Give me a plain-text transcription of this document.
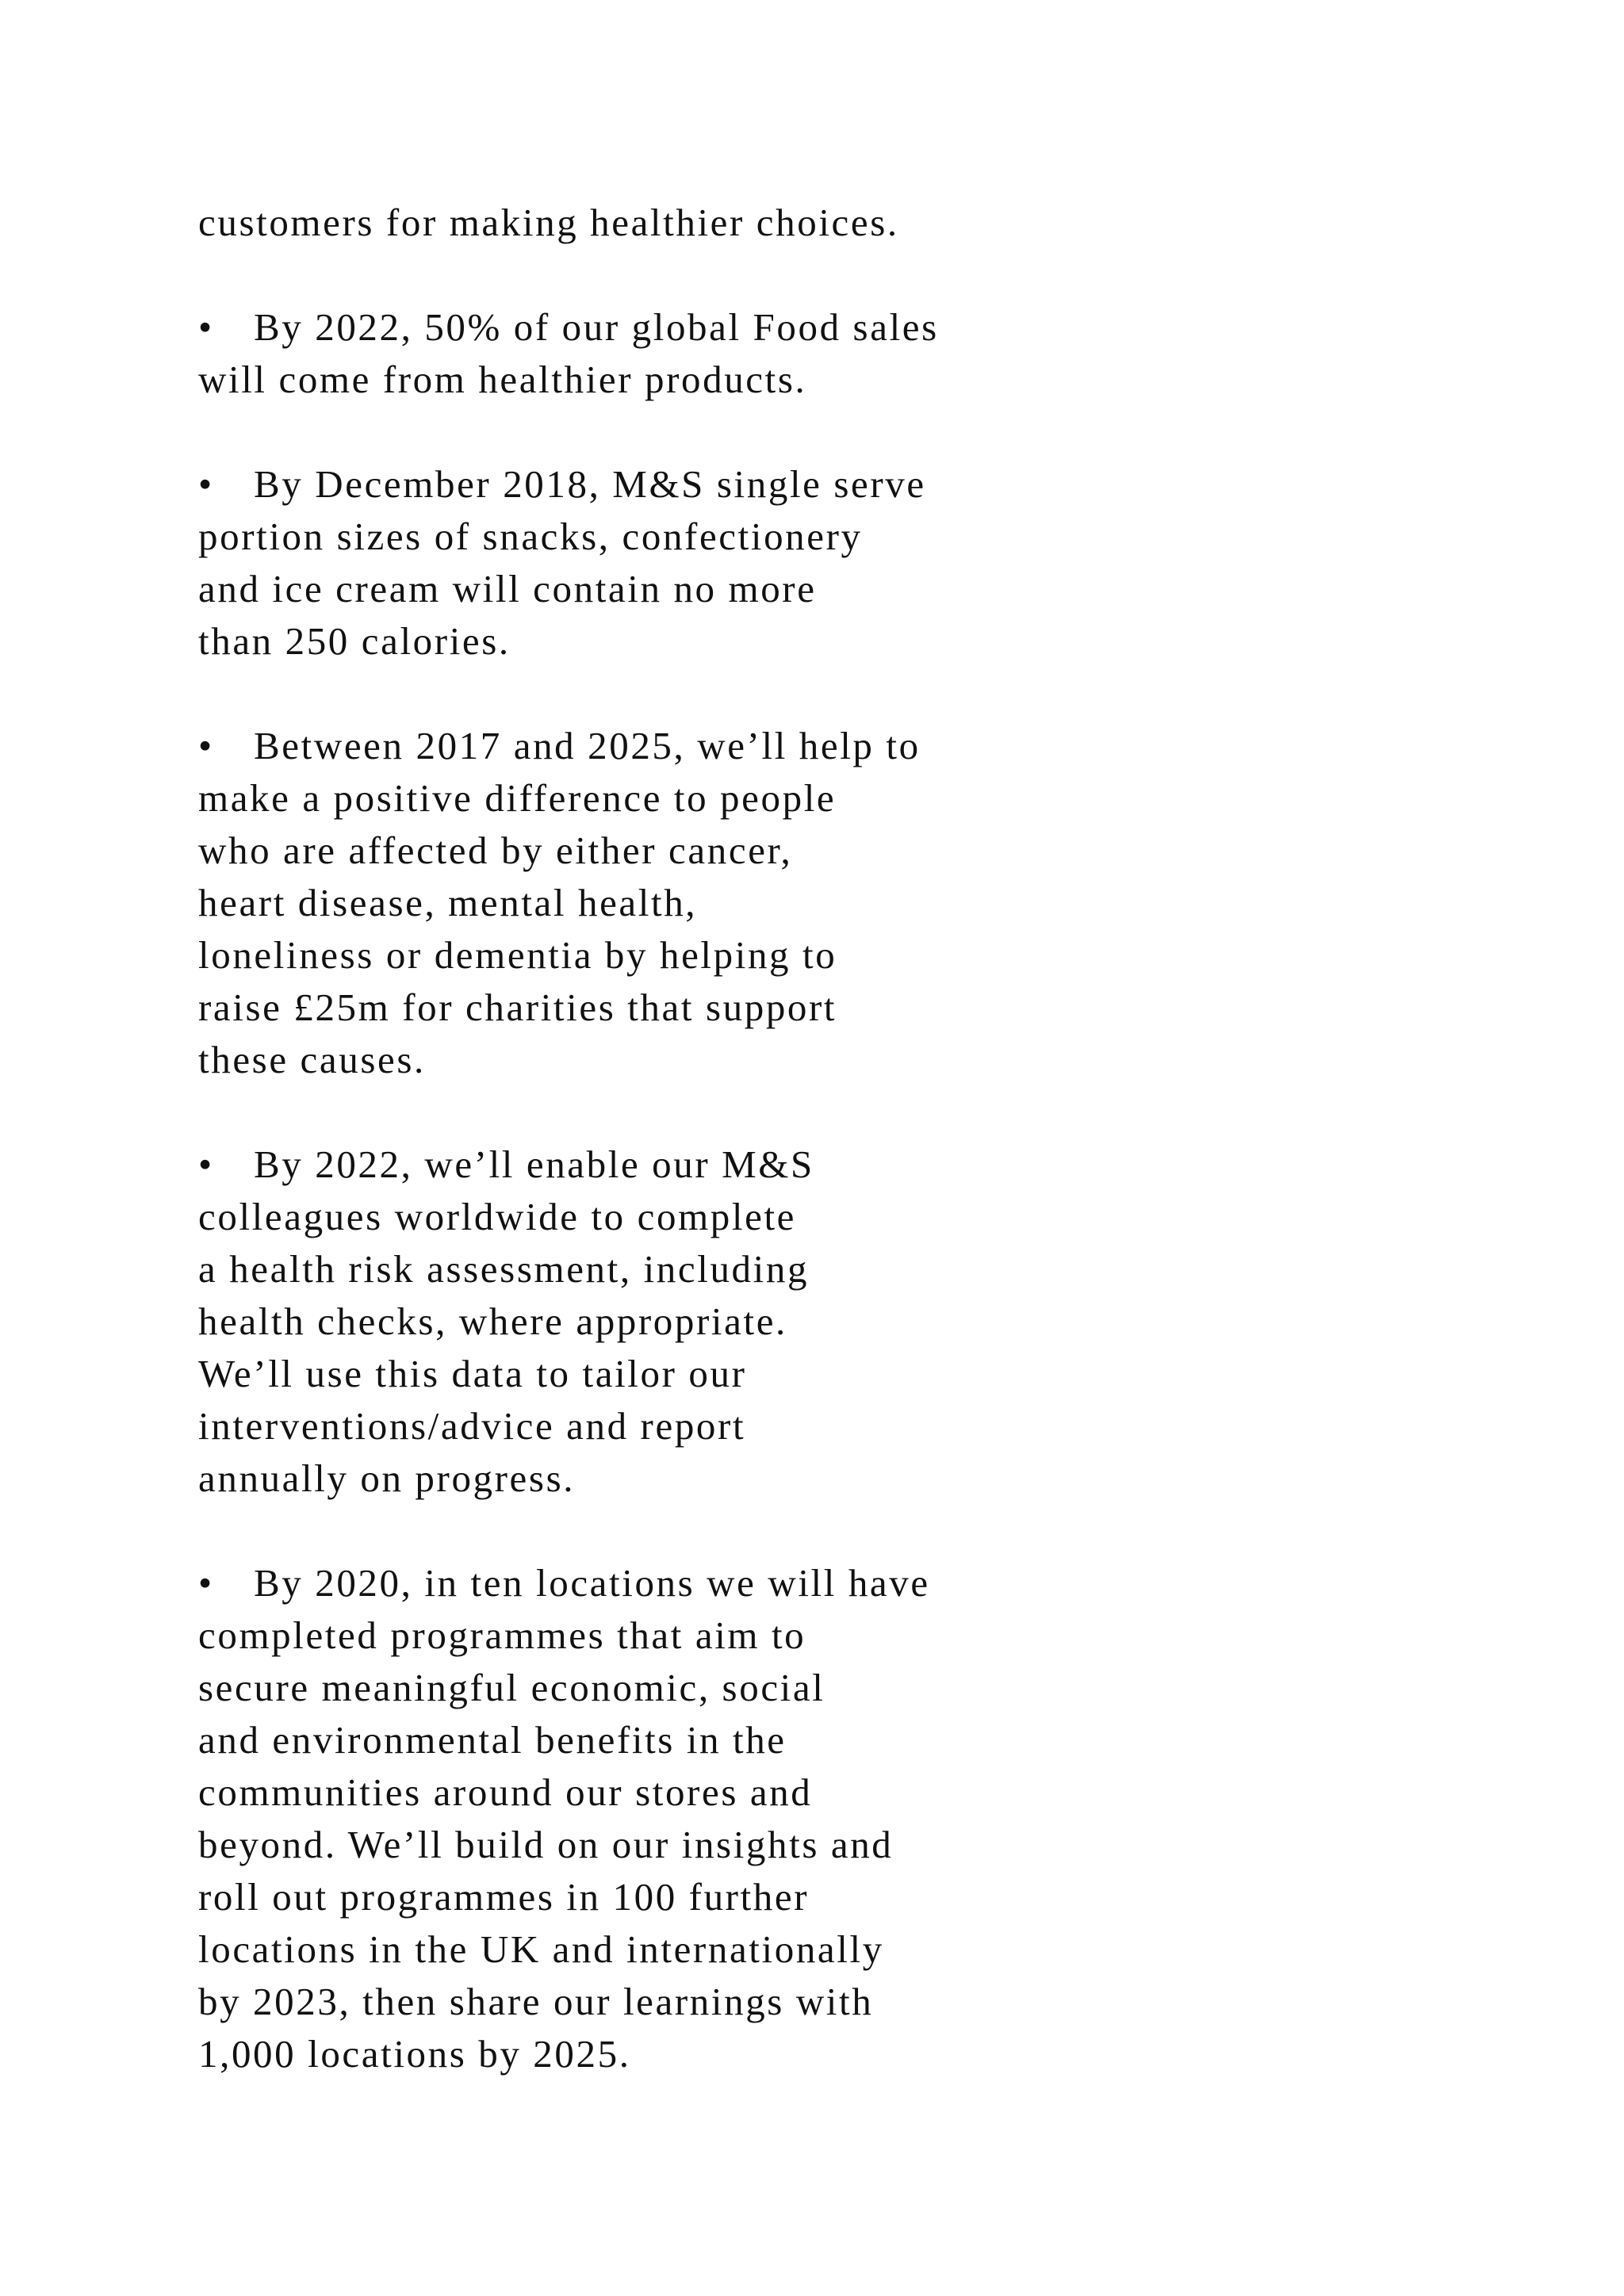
customers for making healthier choices.
• By 2022, 50% of our global Food sales
will come from healthier products.
• By December 2018, M&S single serve
portion sizes of snacks, confectionery
and ice cream will contain no more
than 250 calories.
• Between 2017 and 2025, we’ll help to
make a positive difference to people
who are affected by either cancer,
heart disease, mental health,
loneliness or dementia by helping to
raise £25m for charities that support
these causes.
• By 2022, we’ll enable our M&S
colleagues worldwide to complete
a health risk assessment, including
health checks, where appropriate.
We’ll use this data to tailor our
interventions/advice and report
annually on progress.
• By 2020, in ten locations we will have
completed programmes that aim to
secure meaningful economic, social
and environmental benefits in the
communities around our stores and
beyond. We’ll build on our insights and
roll out programmes in 100 further
locations in the UK and internationally
by 2023, then share our learnings with
1,000 locations by 2025.
